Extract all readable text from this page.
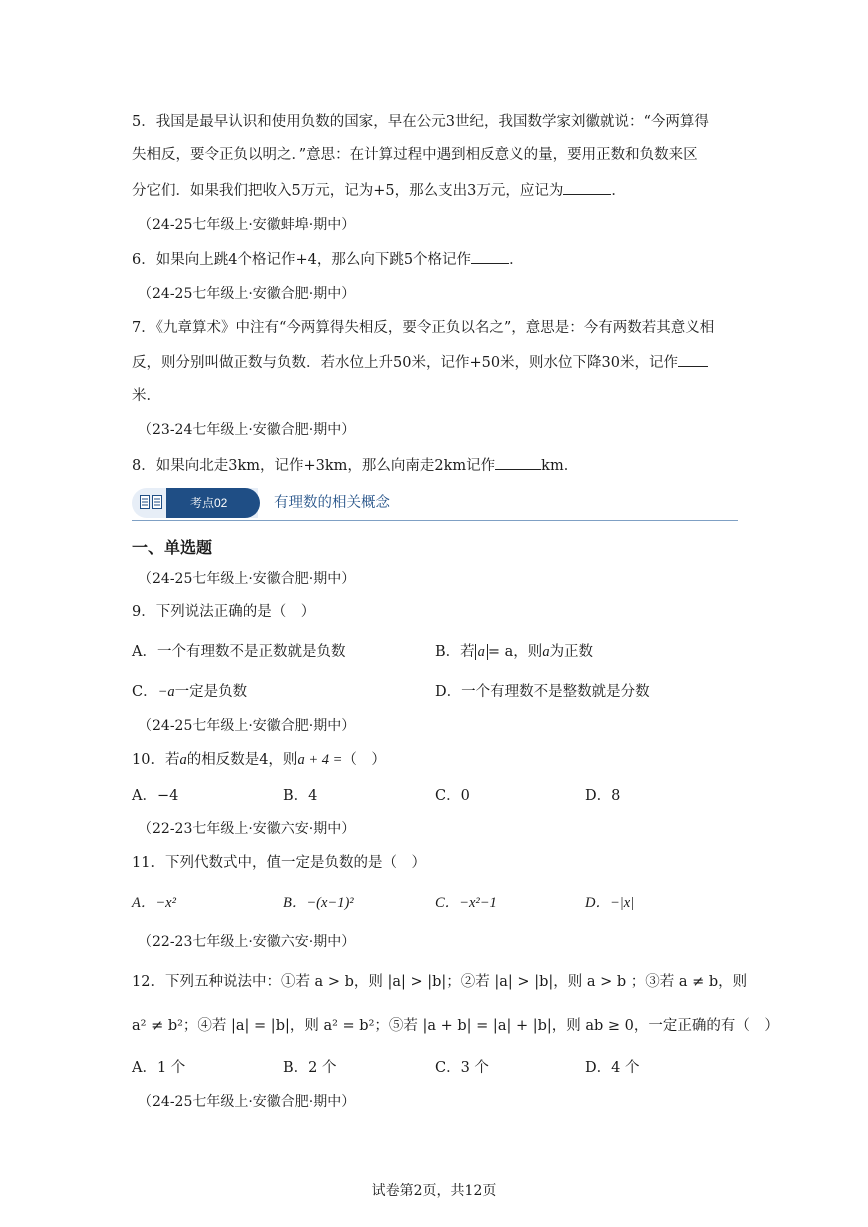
5．我国是最早认识和使用负数的国家，早在公元3世纪，我国数学家刘徽就说：“今两算得
失相反，要令正负以明之．”意思：在计算过程中遇到相反意义的量，要用正数和负数来区
分它们．如果我们把收入5万元，记为+5，那么支出3万元，应记为	．
（24-25七年级上·安徽蚌埠·期中）
6．如果向上跳4个格记作+4，那么向下跳5个格记作	．
（24-25七年级上·安徽合肥·期中）
7．《九章算术》中注有“今两算得失相反，要令正负以名之”，意思是：今有两数若其意义相
反，则分别叫做正数与负数．若水位上升50米，记作+50米，则水位下降30米，记作
米．
（23-24七年级上·安徽合肥·期中）
8．如果向北走3km，记作+3km，那么向南走2km记作	km．
考点02	有理数的相关概念
一、单选题
（24-25七年级上·安徽合肥·期中）
9．下列说法正确的是（　）
A．一个有理数不是正数就是负数	B．若 a = a，则a为正数
C．−a一定是负数	D．一个有理数不是整数就是分数
（24-25七年级上·安徽合肥·期中）
10．若a的相反数是4，则a + 4 =（　）
A．−4	B．4	C．0	D．8
（22-23七年级上·安徽六安·期中）
11．下列代数式中，值一定是负数的是（　）
A．−x²	B．−(x−1)²	C．−x²−1	D．−|x|
（22-23七年级上·安徽六安·期中）
12．下列五种说法中：①若 a > b，则 |a| > |b|；②若 |a| > |b|，则 a > b ；③若 a ≠ b，则
a² ≠ b²；④若 |a| = |b|，则 a² = b²；⑤若 |a + b| = |a| + |b|，则 ab ≥ 0，一定正确的有（　）
A．1 个	B．2 个	C．3 个	D．4 个
（24-25七年级上·安徽合肥·期中）
试卷第2页，共12页
